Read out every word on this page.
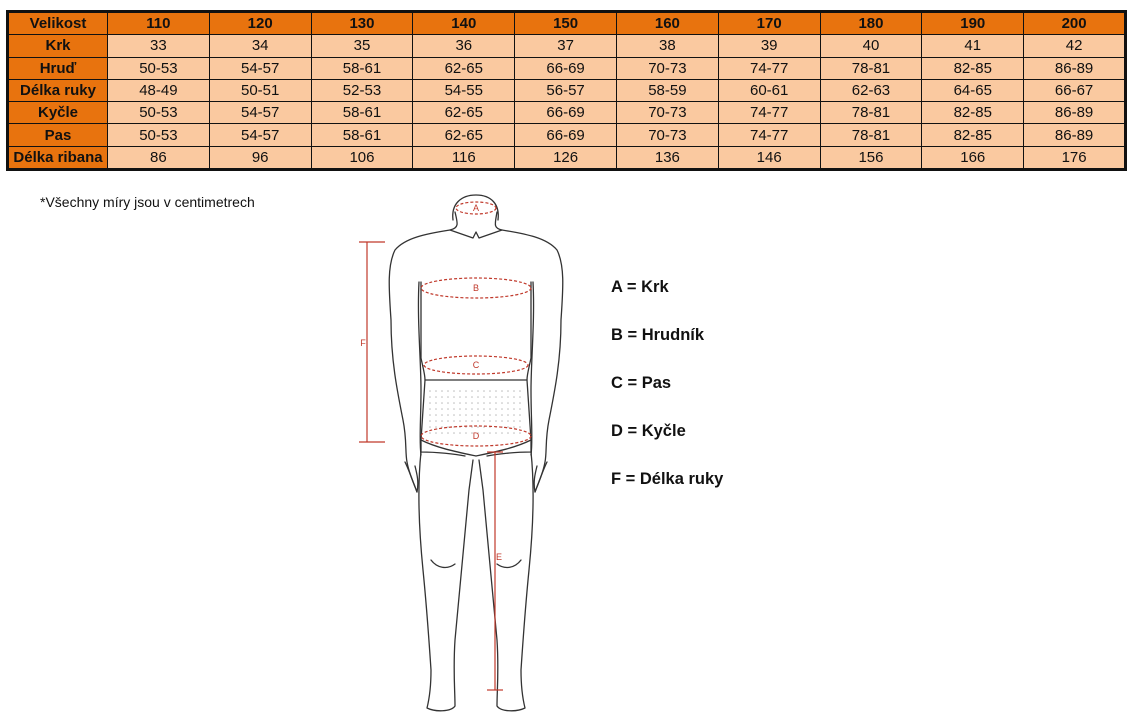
Velikost	110	120	130	140	150	160	170	180	190	200
Krk	33	34	35	36	37	38	39	40	41	42
Hruď	50-53	54-57	58-61	62-65	66-69	70-73	74-77	78-81	82-85	86-89
Délka ruky	48-49	50-51	52-53	54-55	56-57	58-59	60-61	62-63	64-65	66-67
Kyčle	50-53	54-57	58-61	62-65	66-69	70-73	74-77	78-81	82-85	86-89
Pas	50-53	54-57	58-61	62-65	66-69	70-73	74-77	78-81	82-85	86-89
Délka ribana	86	96	106	116	126	136	146	156	166	176
*Všechny míry jsou v centimetrech	A
B
C
D
E
F
A = Krk
B = Hrudník
C = Pas
D = Kyčle
F = Délka ruky
